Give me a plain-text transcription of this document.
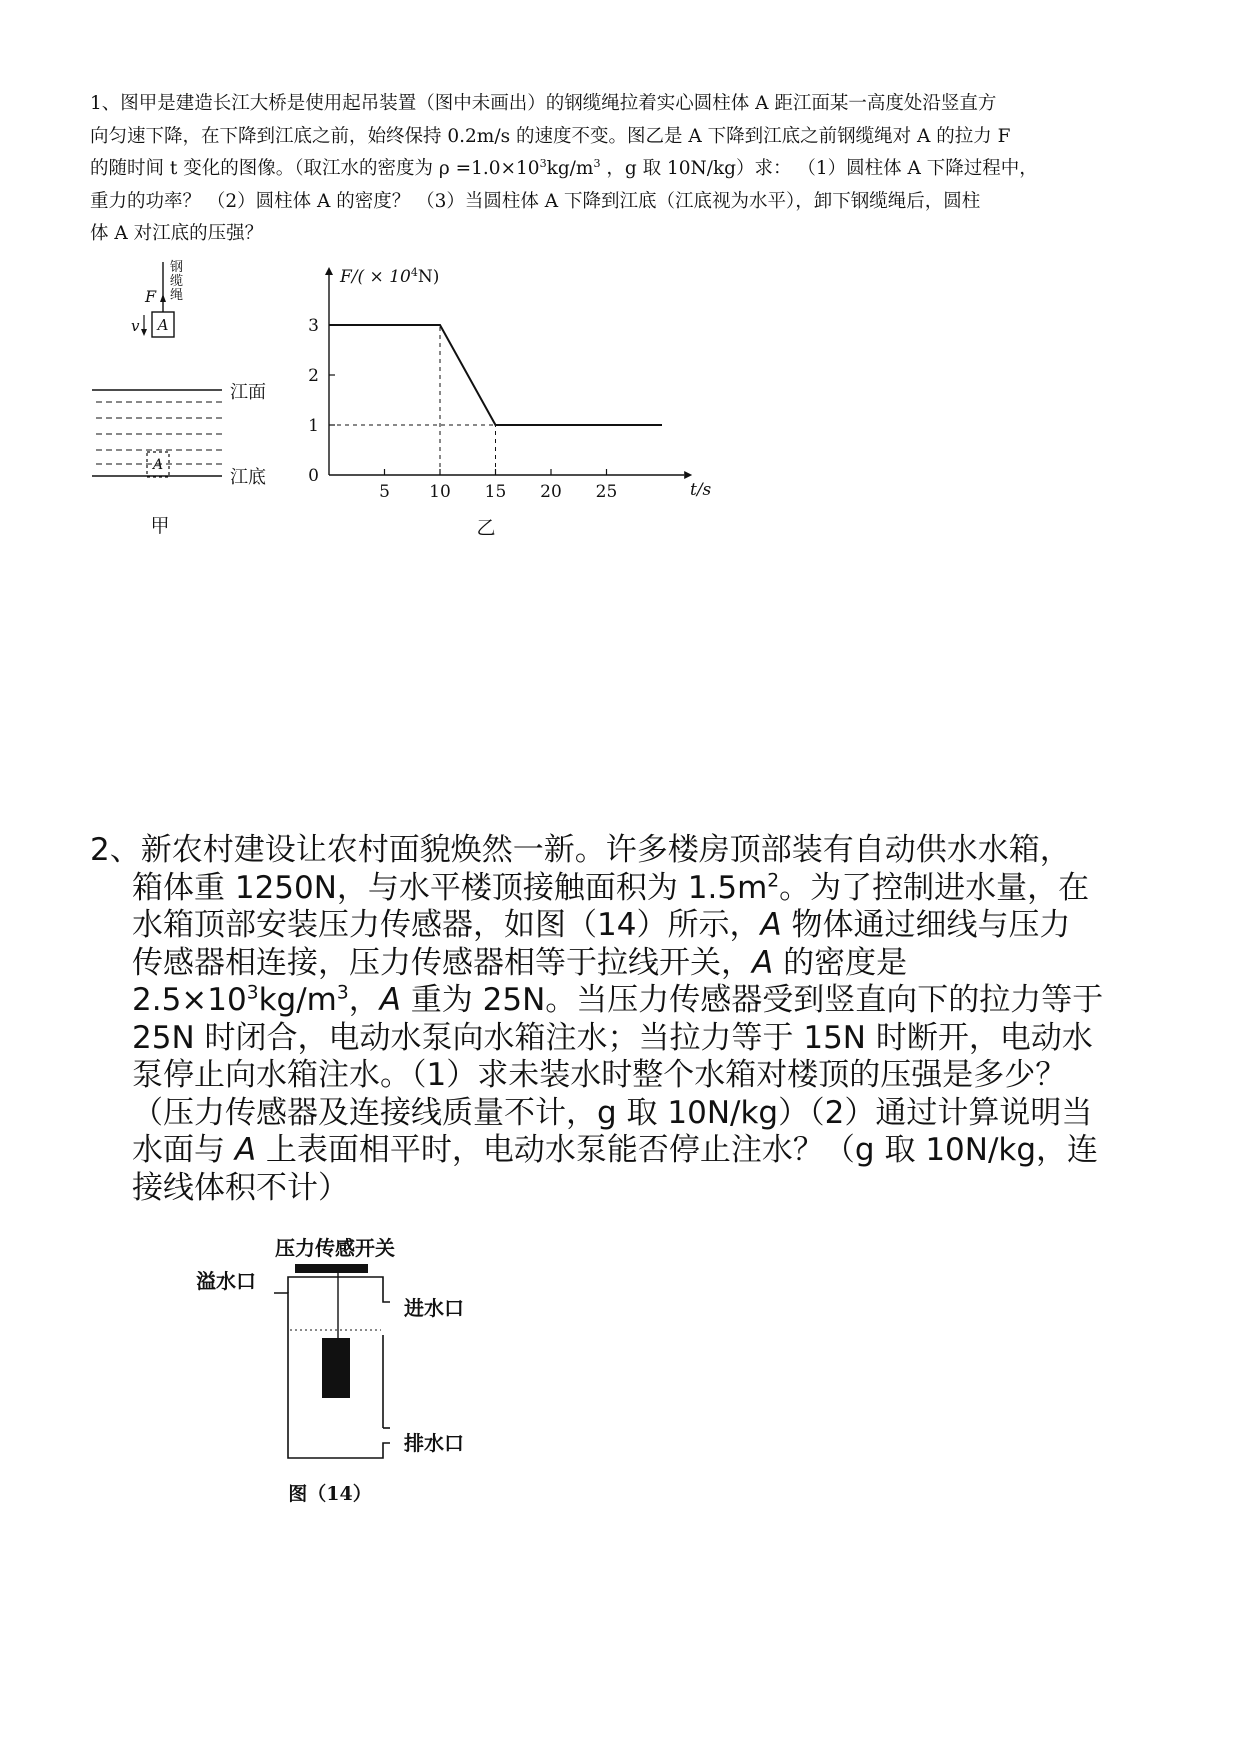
1、图甲是建造长江大桥是使用起吊装置（图中未画出）的钢缆绳拉着实心圆柱体 A 距江面某一高度处沿竖直方
向匀速下降，在下降到江底之前，始终保持 0.2m/s 的速度不变。图乙是 A 下降到江底之前钢缆绳对 A 的拉力 F
的随时间 t 变化的图像。（取江水的密度为 $\rho =1.0\times 10^3kg/m^3$ ，g 取 10N/kg）求： （1）圆柱体 A 下降过程中，
重力的功率？ （2）圆柱体 A 的密度？ （3）当圆柱体 A 下降到江底（江底视为水平），卸下钢缆绳后，圆柱
体 A 对江底的压强？
钢
缆
绳
F
A
v
A
江面
江底
甲
5 10 15 20 25
1
2
3
0
$F/( \times 10^4N)$
t/s
乙
2、新农村建设让农村面貌焕然一新。许多楼房顶部装有自动供水水箱，
箱体重 1250N，与水平楼顶接触面积为 $1.5m^2$。为了控制进水量，在
水箱顶部安装压力传感器，如图（14）所示，A 物体通过细线与压力
传感器相连接，压力传感器相等于拉线开关，A 的密度是
$2.5\times 10^3kg/m^3$，A 重为 25N。当压力传感器受到竖直向下的拉力等于
25N 时闭合，电动水泵向水箱注水；当拉力等于 15N 时断开，电动水
泵停止向水箱注水。（1）求未装水时整个水箱对楼顶的压强是多少？
（压力传感器及连接线质量不计，g 取 10N/kg）（2）通过计算说明当
水面与 A 上表面相平时，电动水泵能否停止注水？（g 取 10N/kg，连
接线体积不计）
压力传感开关
溢水口
进水口
排水口
图（14）
